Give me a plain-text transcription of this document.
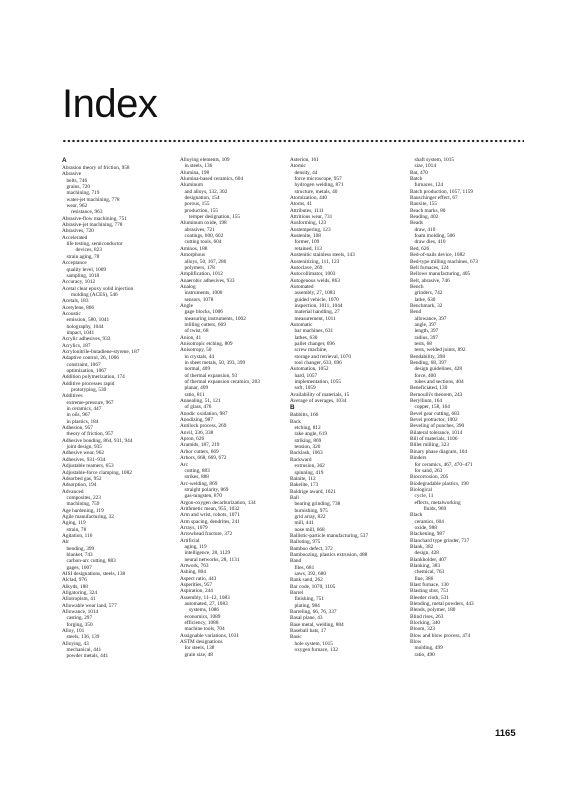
Index
A
Abrasion theory of friction, 958
Abrasive
belts, 746
grains, 720
machining, 719
water-jet machining, 778
wear, 962
resistance, 963
Abrasive-flow machining, 751
Abrasive-jet machining, 778
Abrasives, 720
Accelerated
life testing, semiconductor
devices, 823
strain aging, 78
Acceptance
quality level, 1009
sampling, 1018
Accuracy, 1012
Acetal clear epoxy solid injection
molding (ACES), 546
Acetals, 183
Acetylene, 866
Acoustic
emission, 580, 1041
holography, 1044
impact, 1041
Acrylic adhesives, 933
Acrylics, 187
Acrylonitrile-butadiene-styrene, 187
Adaptive control, 26, 1066
constraint, 1067
optimization, 1067
Addition polymerization, 174
Additive processes rapid
prototyping, 530
Additives
extreme-pressure, 967
in ceramics, 447
in oils, 967
in plastics, 184
Adhesion, 957
theory of friction, 957
Adhesive bonding, 864, 931, 944
joint design, 935
Adhesive wear, 962
Adhesives, 931–934
Adjustable reamers, 653
Adjustable-force clamping, 1082
Adsorbed gas, 952
Adsorption, 194
Advanced
composites, 223
machining, 759
Age hardening, 119
Agile manufacturing, 32
Aging, 119
strain, 78
Agitation, 116
Air
bending, 399
blanket, 743
carbon-arc cutting, 883
gages, 1007
AISI designations, steels, 138
Alclad, 976
Alkyds, 188
Allgatoring, 324
Allotropism, 41
Allowable wear land, 577
Allowance, 1014
casting, 297
forging, 350
Alloy, 101
steels, 136, 139
Alloying, 43
mechanical, 441
powder metals, 441
Alloying elements, 109
in steels, 136
Alumina, 198
Alumina-based ceramics, 604
Aluminum
and alloys, 132, 302
designation, 154
porous, 155
production, 155
temper designation, 155
Aluminum oxide, 198
abrasives, 721
coatings, 600, 602
cutting tools, 604
Aminos, 188
Amorphous
alloys, 50, 167, 286
polymers, 178
Amplification, 1012
Anaerobic adhesives, 933
Analog
instruments, 1000
sensors, 1078
Angle
gage blocks, 1006
measuring instruments, 1002
milling cutters, 669
of twist, 68
Anion, 41
Anisotropic etching, 809
Anisotropy, 50
in crystals, 44
in sheet metals, 50, 393, 399
normal, 409
of thermal expansion, 93
of thermal expansion ceramics, 203
planar, 409
ratio, 811
Annealing, 51, 121
of glass, 476
Anodic oxidation, 987
Anodizing, 987
Antilock process, 269
Anvil, 336, 338
Apron, 626
Aramids, 187, 219
Arbor cutters, 669
Arbors, 668, 669, 672
Arc
cutting, 883
strikes, 888
Arc-welding, 869
straight polarity, 869
gas-tungsten, 870
Argon-oxygen decarburization, 134
Arithmetic mean, 955, 1032
Arm and wrist, robots, 1071
Arm spacing, dendrites, 241
Arrays, 1079
Arrowhead fracture, 372
Artificial
aging, 119
intelligence, 28, 1129
neural networks, 28, 1131
Artwork, 763
Ashing, 804
Aspect ratio, 443
Asperities, 957
Aspiration, 244
Assembly, 11–12, 1083
automated, 27, 1083
systems, 1086
economics, 1089
efficiency, 1088
machine tools, 704
Assignable variations, 1031
ASTM designations
for steels, 138
grain size, 48
Asterion, 161
Atomic
density, 44
force microscope, 957
hydrogen welding, 871
structure, metals, 40
Atomization, 440
Atoms, 41
Attributes, 1111
Attritious wear, 731
Ausforming, 123
Austempering, 123
Austenite, 108
former, 109
retained, 113
Austenitic stainless steels, 143
Austenitizing, 111, 123
Autoclave, 269
Autocollimator, 1003
Autogenous welds, 863
Automated
assembly, 27, 1083
guided vehicle, 1070
inspection, 1011, 1044
material handling, 27
measurement, 1011
Automatic
bar machines, 631
lathes, 630
pallet changer, 696
screw machine,
storage and retrieval, 1070
tool changer, 633, 696
Automation, 1052
hard, 1057
implementation, 1055
soft, 1059
Availability of materials, 15
Average of averages, 1034
B
Babbitts, 166
Back
etching, 812
rake angle, 619
striking, 869
tension, 320
Backlash, 1063
Backward
extrusion, 362
spinning, 419
Bainite, 112
Bakelite, 173
Baldrige award, 1021
Ball
bearing grinding, 738
burnishing, 975
grid array, 822
mill, 441
nose mill, 668
Ballistic-particle manufacturing, 537
Balloting, 975
Bamboo defect, 372
Bamboozing, plastics extrusion, 488
Band
files, 681
saws, 392, 680
Bank sand, 262
Bar code, 1070, 1105
Barrel
finishing, 751
plating, 984
Barreling, 66, 76, 337
Basal plane, 43
Base metal, welding, 884
Baseball bats, 17
Basic
hole system, 1015
oxygen furnace, 132
shaft system, 1015
size, 1014
Bat, 470
Batch
furnaces, 124
Batch production, 1057, 1159
Bauschinger effect, 67
Bauxite, 155
Beach marks, 80
Beading, 402
Beads
draw, 410
foam molding, 506
draw dies, 410
Bed, 626
Bed-of-nails device, 1082
Bed-type milling machines, 673
Bell furnaces, 124
Bellows manufacturing, 405
Belt, abrasive, 746
Bench
grinders, 742
lathe, 630
Benchmark, 32
Bend
allowance, 397
angle, 397
length, 397
radius, 397
tests, 68
tests, welded joints, 892
Bendability, 398
Bending, 68, 397
design guidelines, 428
force, 400
tubes and sections, 404
Beneficiated, 130
Bernoulli's theorem, 243
Beryllium, 164
copper, 158, 164
Bevel gear cutting, 683
Bevel protractor, 1002
Beveling of punches, 390
Bilateral tolerance, 1014
Bill of materials, 1106
Billet milling, 323
Binary phase diagram, 104
Binders
for ceramics, 467, 470–471
for sand, 263
Biocorrosion, 205
Biodegradable plastics, 190
Biological
cycle, 11
effects, metalworking
fluids, 969
Black
ceramics, 604
oxide, 988
Blackening, 987
Blanchard type grinder, 737
Blank, 382
design, 428
Blankholder, 407
Blanking, 383
chemical, 763
fine, 386
Blast furnace, 130
Blasting shot, 751
Bleeder cloth, 531
Blending, metal powders, 443
Blends, polymer, 180
Blind rises, 263
Blocking, 340
Bloom, 323
Blow and blow process, 474
Blow
molding, 499
ratio, 490
1165
